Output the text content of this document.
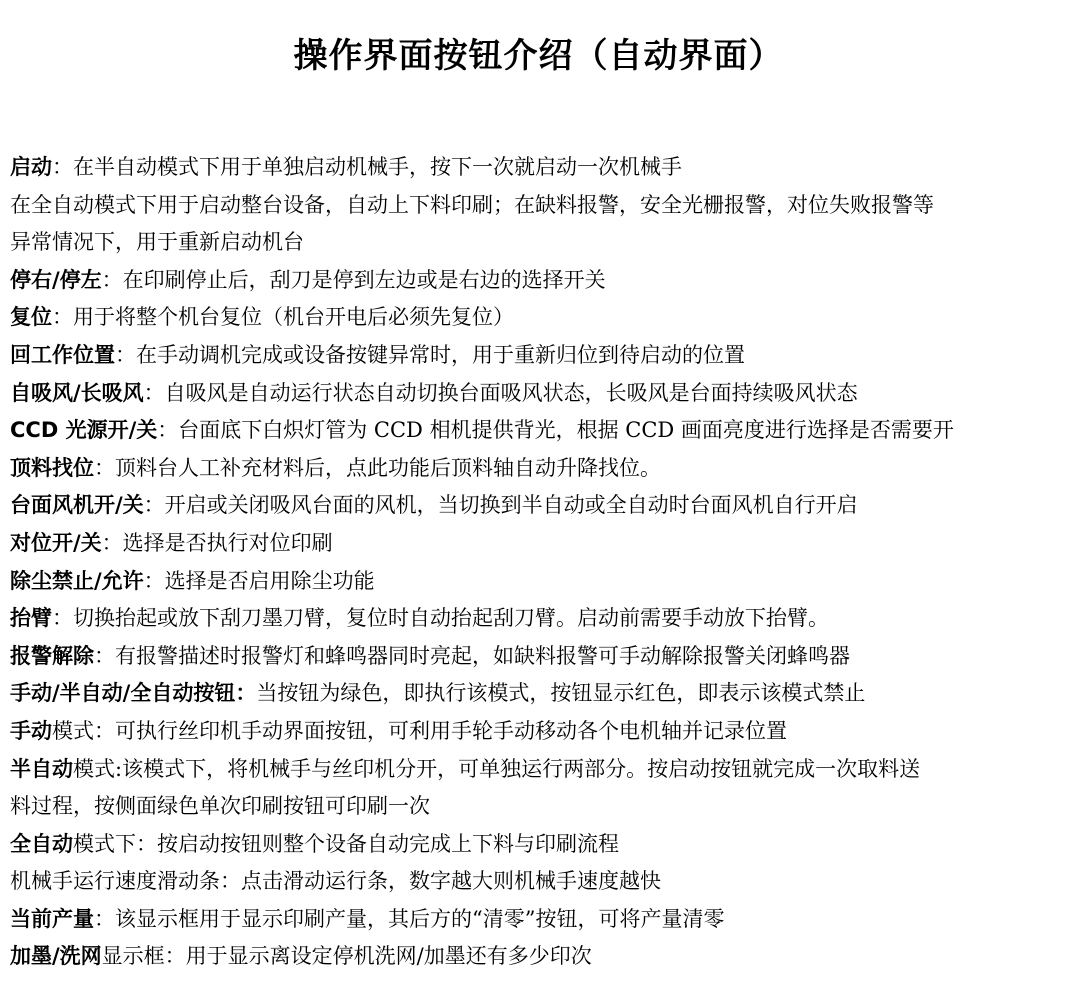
操作界面按钮介绍（自动界面）
启动：在半自动模式下用于单独启动机械手，按下一次就启动一次机械手
在全自动模式下用于启动整台设备，自动上下料印刷；在缺料报警，安全光栅报警，对位失败报警等
异常情况下，用于重新启动机台
停右/停左：在印刷停止后，刮刀是停到左边或是右边的选择开关
复位：用于将整个机台复位（机台开电后必须先复位）
回工作位置：在手动调机完成或设备按键异常时，用于重新归位到待启动的位置
自吸风/长吸风：自吸风是自动运行状态自动切换台面吸风状态，长吸风是台面持续吸风状态
CCD 光源开/关：台面底下白炽灯管为 CCD 相机提供背光，根据 CCD 画面亮度进行选择是否需要开
顶料找位：顶料台人工补充材料后，点此功能后顶料轴自动升降找位。
台面风机开/关：开启或关闭吸风台面的风机，当切换到半自动或全自动时台面风机自行开启
对位开/关：选择是否执行对位印刷
除尘禁止/允许：选择是否启用除尘功能
抬臂：切换抬起或放下刮刀墨刀臂，复位时自动抬起刮刀臂。启动前需要手动放下抬臂。
报警解除：有报警描述时报警灯和蜂鸣器同时亮起，如缺料报警可手动解除报警关闭蜂鸣器
手动/半自动/全自动按钮：当按钮为绿色，即执行该模式，按钮显示红色，即表示该模式禁止
手动模式：可执行丝印机手动界面按钮，可利用手轮手动移动各个电机轴并记录位置
半自动模式:该模式下，将机械手与丝印机分开，可单独运行两部分。按启动按钮就完成一次取料送
料过程，按侧面绿色单次印刷按钮可印刷一次
全自动模式下：按启动按钮则整个设备自动完成上下料与印刷流程
机械手运行速度滑动条：点击滑动运行条，数字越大则机械手速度越快
当前产量：该显示框用于显示印刷产量，其后方的“清零”按钮，可将产量清零
加墨/洗网显示框：用于显示离设定停机洗网/加墨还有多少印次
